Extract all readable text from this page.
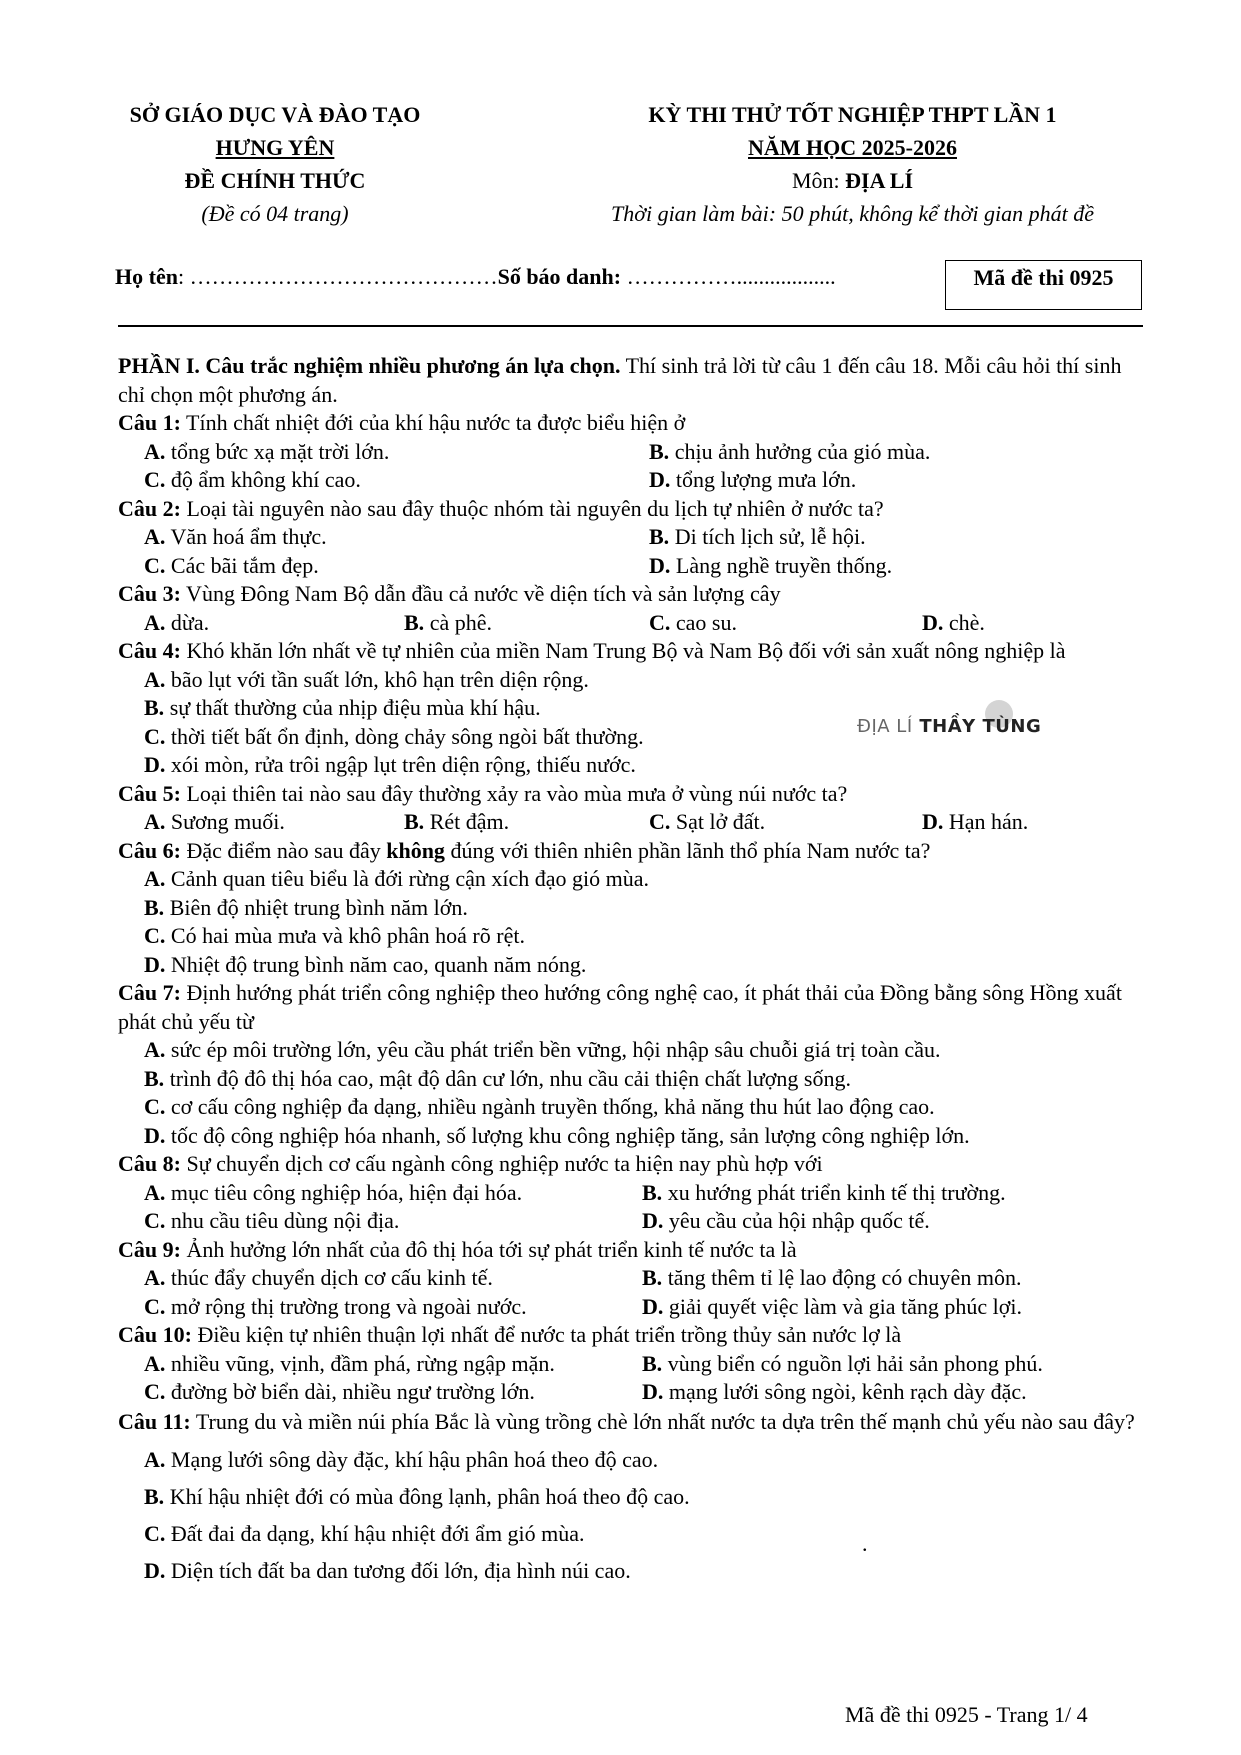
SỞ GIÁO DỤC VÀ ĐÀO TẠO
HƯNG YÊN
ĐỀ CHÍNH THỨC
(Đề có 04 trang)
KỲ THI THỬ TỐT NGHIỆP THPT LẦN 1
NĂM HỌC 2025-2026
Môn: ĐỊA LÍ
Thời gian làm bài: 50 phút, không kể thời gian phát đề
Họ tên: ……………………………………Số báo danh: ……………..................	Mã đề thi 0925
PHẦN I. Câu trắc nghiệm nhiều phương án lựa chọn. Thí sinh trả lời từ câu 1 đến câu 18. Mỗi câu hỏi thí sinh chỉ chọn một phương án.
Câu 1: Tính chất nhiệt đới của khí hậu nước ta được biểu hiện ở
A. tổng bức xạ mặt trời lớn.	B. chịu ảnh hưởng của gió mùa.
C. độ ẩm không khí cao.	D. tổng lượng mưa lớn.
Câu 2: Loại tài nguyên nào sau đây thuộc nhóm tài nguyên du lịch tự nhiên ở nước ta?
A. Văn hoá ẩm thực.	B. Di tích lịch sử, lễ hội.
C. Các bãi tắm đẹp.	D. Làng nghề truyền thống.
Câu 3: Vùng Đông Nam Bộ dẫn đầu cả nước về diện tích và sản lượng cây
A. dừa.	B. cà phê.	C. cao su.	D. chè.
Câu 4: Khó khăn lớn nhất về tự nhiên của miền Nam Trung Bộ và Nam Bộ đối với sản xuất nông nghiệp là
A. bão lụt với tần suất lớn, khô hạn trên diện rộng.
B. sự thất thường của nhịp điệu mùa khí hậu.
C. thời tiết bất ổn định, dòng chảy sông ngòi bất thường.
D. xói mòn, rửa trôi ngập lụt trên diện rộng, thiếu nước.
Câu 5: Loại thiên tai nào sau đây thường xảy ra vào mùa mưa ở vùng núi nước ta?
A. Sương muối.	B. Rét đậm.	C. Sạt lở đất.	D. Hạn hán.
Câu 6: Đặc điểm nào sau đây không đúng với thiên nhiên phần lãnh thổ phía Nam nước ta?
A. Cảnh quan tiêu biểu là đới rừng cận xích đạo gió mùa.
B. Biên độ nhiệt trung bình năm lớn.
C. Có hai mùa mưa và khô phân hoá rõ rệt.
D. Nhiệt độ trung bình năm cao, quanh năm nóng.
Câu 7: Định hướng phát triển công nghiệp theo hướng công nghệ cao, ít phát thải của Đồng bằng sông Hồng xuất phát chủ yếu từ
A. sức ép môi trường lớn, yêu cầu phát triển bền vững, hội nhập sâu chuỗi giá trị toàn cầu.
B. trình độ đô thị hóa cao, mật độ dân cư lớn, nhu cầu cải thiện chất lượng sống.
C. cơ cấu công nghiệp đa dạng, nhiều ngành truyền thống, khả năng thu hút lao động cao.
D. tốc độ công nghiệp hóa nhanh, số lượng khu công nghiệp tăng, sản lượng công nghiệp lớn.
Câu 8: Sự chuyển dịch cơ cấu ngành công nghiệp nước ta hiện nay phù hợp với
A. mục tiêu công nghiệp hóa, hiện đại hóa.	B. xu hướng phát triển kinh tế thị trường.
C. nhu cầu tiêu dùng nội địa.	D. yêu cầu của hội nhập quốc tế.
Câu 9: Ảnh hưởng lớn nhất của đô thị hóa tới sự phát triển kinh tế nước ta là
A. thúc đẩy chuyển dịch cơ cấu kinh tế.	B. tăng thêm tỉ lệ lao động có chuyên môn.
C. mở rộng thị trường trong và ngoài nước.	D. giải quyết việc làm và gia tăng phúc lợi.
Câu 10: Điều kiện tự nhiên thuận lợi nhất để nước ta phát triển trồng thủy sản nước lợ là
A. nhiều vũng, vịnh, đầm phá, rừng ngập mặn.	B. vùng biển có nguồn lợi hải sản phong phú.
C. đường bờ biển dài, nhiều ngư trường lớn.	D. mạng lưới sông ngòi, kênh rạch dày đặc.
Câu 11: Trung du và miền núi phía Bắc là vùng trồng chè lớn nhất nước ta dựa trên thế mạnh chủ yếu nào sau đây?
A. Mạng lưới sông dày đặc, khí hậu phân hoá theo độ cao.
B. Khí hậu nhiệt đới có mùa đông lạnh, phân hoá theo độ cao.
C. Đất đai đa dạng, khí hậu nhiệt đới ẩm gió mùa.
D. Diện tích đất ba dan tương đối lớn, địa hình núi cao.
ĐỊA LÍ THẦY TÙNG
.
Mã đề thi 0925 - Trang 1/ 4
